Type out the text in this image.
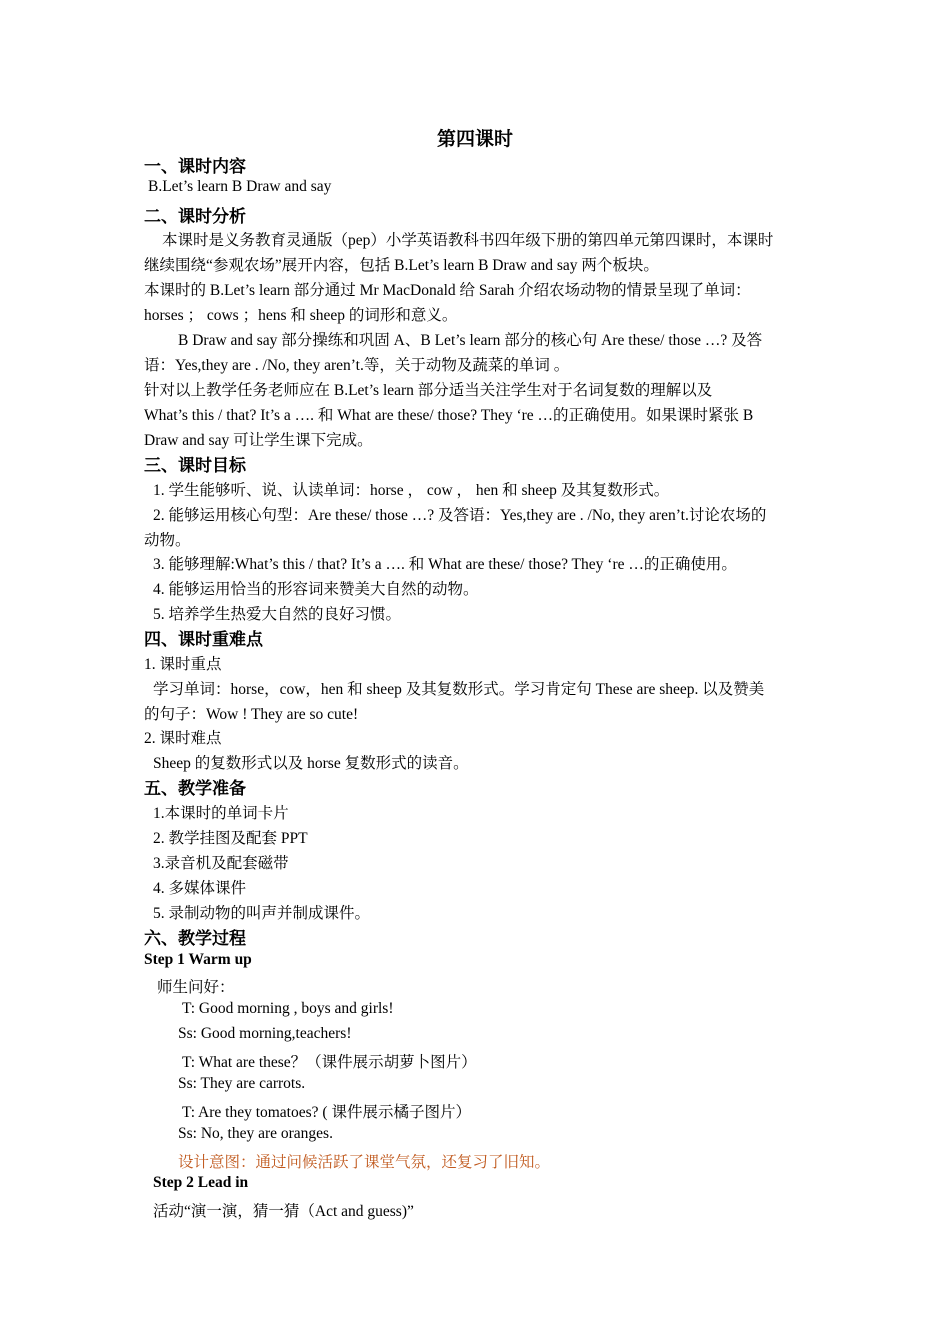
第四课时
一、课时内容
B.Let’s learn B Draw and say
二、课时分析
本课时是义务教育灵通版（pep）小学英语教科书四年级下册的第四单元第四课时，本课时
继续围绕“参观农场”展开内容，包括 B.Let’s learn B Draw and say 两个板块。
本课时的 B.Let’s learn 部分通过 Mr MacDonald 给 Sarah 介绍农场动物的情景呈现了单词：
horses ； cows ；hens 和 sheep 的词形和意义。
B Draw and say 部分操练和巩固 A、B Let’s learn 部分的核心句 Are these/ those …? 及答
语：Yes,they are . /No, they aren’t.等，关于动物及蔬菜的单词 。
针对以上教学任务老师应在 B.Let’s learn 部分适当关注学生对于名词复数的理解以及
What’s this / that? It’s a …. 和 What are these/ those? They ‘re …的正确使用。如果课时紧张 B
Draw and say 可让学生课下完成。
三、课时目标
1. 学生能够听、说、认读单词：horse ， cow ， hen 和 sheep 及其复数形式。
2. 能够运用核心句型：Are these/ those …? 及答语：Yes,they are . /No, they aren’t.讨论农场的
动物。
3. 能够理解:What’s this / that? It’s a …. 和 What are these/ those? They ‘re …的正确使用。
4. 能够运用恰当的形容词来赞美大自然的动物。
5. 培养学生热爱大自然的良好习惯。
四、课时重难点
1. 课时重点
学习单词：horse，cow，hen 和 sheep 及其复数形式。学习肯定句 These are sheep. 以及赞美
的句子：Wow ! They are so cute!
2. 课时难点
Sheep 的复数形式以及 horse 复数形式的读音。
五、教学准备
1.本课时的单词卡片
2. 教学挂图及配套 PPT
3.录音机及配套磁带
4. 多媒体课件
5. 录制动物的叫声并制成课件。
六、教学过程
Step 1 Warm up
师生问好：
T: Good morning , boys and girls!
Ss: Good morning,teachers!
T: What are these？（课件展示胡萝卜图片）
Ss: They are carrots.
T: Are they tomatoes? ( 课件展示橘子图片）
Ss: No, they are oranges.
设计意图：通过问候活跃了课堂气氛，还复习了旧知。
Step 2 Lead in
活动“演一演，猜一猜（Act and guess)”
